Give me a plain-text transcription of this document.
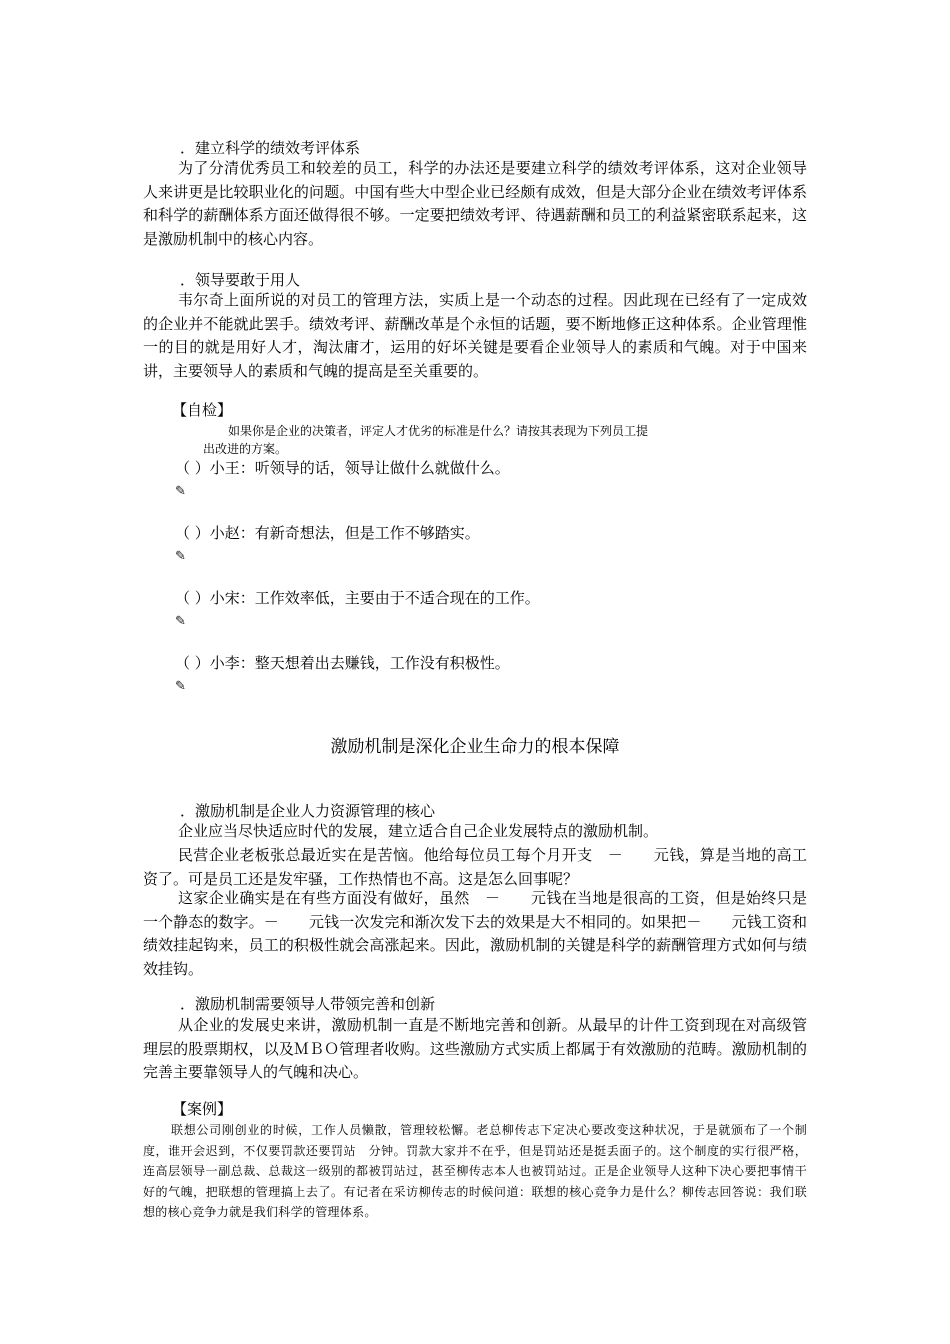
．建立科学的绩效考评体系
为了分清优秀员工和较差的员工，科学的办法还是要建立科学的绩效考评体系，这对企业领导人来讲更是比较职业化的问题。中国有些大中型企业已经颇有成效，但是大部分企业在绩效考评体系和科学的薪酬体系方面还做得很不够。一定要把绩效考评、待遇薪酬和员工的利益紧密联系起来，这是激励机制中的核心内容。
．领导要敢于用人
韦尔奇上面所说的对员工的管理方法，实质上是一个动态的过程。因此现在已经有了一定成效的企业并不能就此罢手。绩效考评、薪酬改革是个永恒的话题，要不断地修正这种体系。企业管理惟一的目的就是用好人才，淘汰庸才，运用的好坏关键是要看企业领导人的素质和气魄。对于中国来讲，主要领导人的素质和气魄的提高是至关重要的。
【自检】
如果你是企业的决策者，评定人才优劣的标准是什么？请按其表现为下列员工提
出改进的方案。
（ ）小王：听领导的话，领导让做什么就做什么。
✎
（ ）小赵：有新奇想法，但是工作不够踏实。
✎
（ ）小宋：工作效率低，主要由于不适合现在的工作。
✎
（ ）小李：整天想着出去赚钱，工作没有积极性。
✎
激励机制是深化企业生命力的根本保障
．激励机制是企业人力资源管理的核心
企业应当尽快适应时代的发展，建立适合自己企业发展特点的激励机制。
民营企业老板张总最近实在是苦恼。他给每位员工每个月开支　－　　元钱，算是当地的高工资了。可是员工还是发牢骚，工作热情也不高。这是怎么回事呢？
这家企业确实是在有些方面没有做好，虽然　－　　元钱在当地是很高的工资，但是始终只是一个静态的数字。－　　元钱一次发完和渐次发下去的效果是大不相同的。如果把－　　元钱工资和绩效挂起钩来，员工的积极性就会高涨起来。因此，激励机制的关键是科学的薪酬管理方式如何与绩效挂钩。
．激励机制需要领导人带领完善和创新
从企业的发展史来讲，激励机制一直是不断地完善和创新。从最早的计件工资到现在对高级管理层的股票期权，以及ＭＢＯ管理者收购。这些激励方式实质上都属于有效激励的范畴。激励机制的完善主要靠领导人的气魄和决心。
【案例】
联想公司刚创业的时候，工作人员懒散，管理较松懈。老总柳传志下定决心要改变这种状况，于是就颁布了一个制度，谁开会迟到，不仅要罚款还要罚站　分钟。罚款大家并不在乎，但是罚站还是挺丢面子的。这个制度的实行很严格，连高层领导一副总裁、总裁这一级别的都被罚站过，甚至柳传志本人也被罚站过。正是企业领导人这种下决心要把事情干好的气魄，把联想的管理搞上去了。有记者在采访柳传志的时候问道：联想的核心竞争力是什么？柳传志回答说：我们联想的核心竞争力就是我们科学的管理体系。
